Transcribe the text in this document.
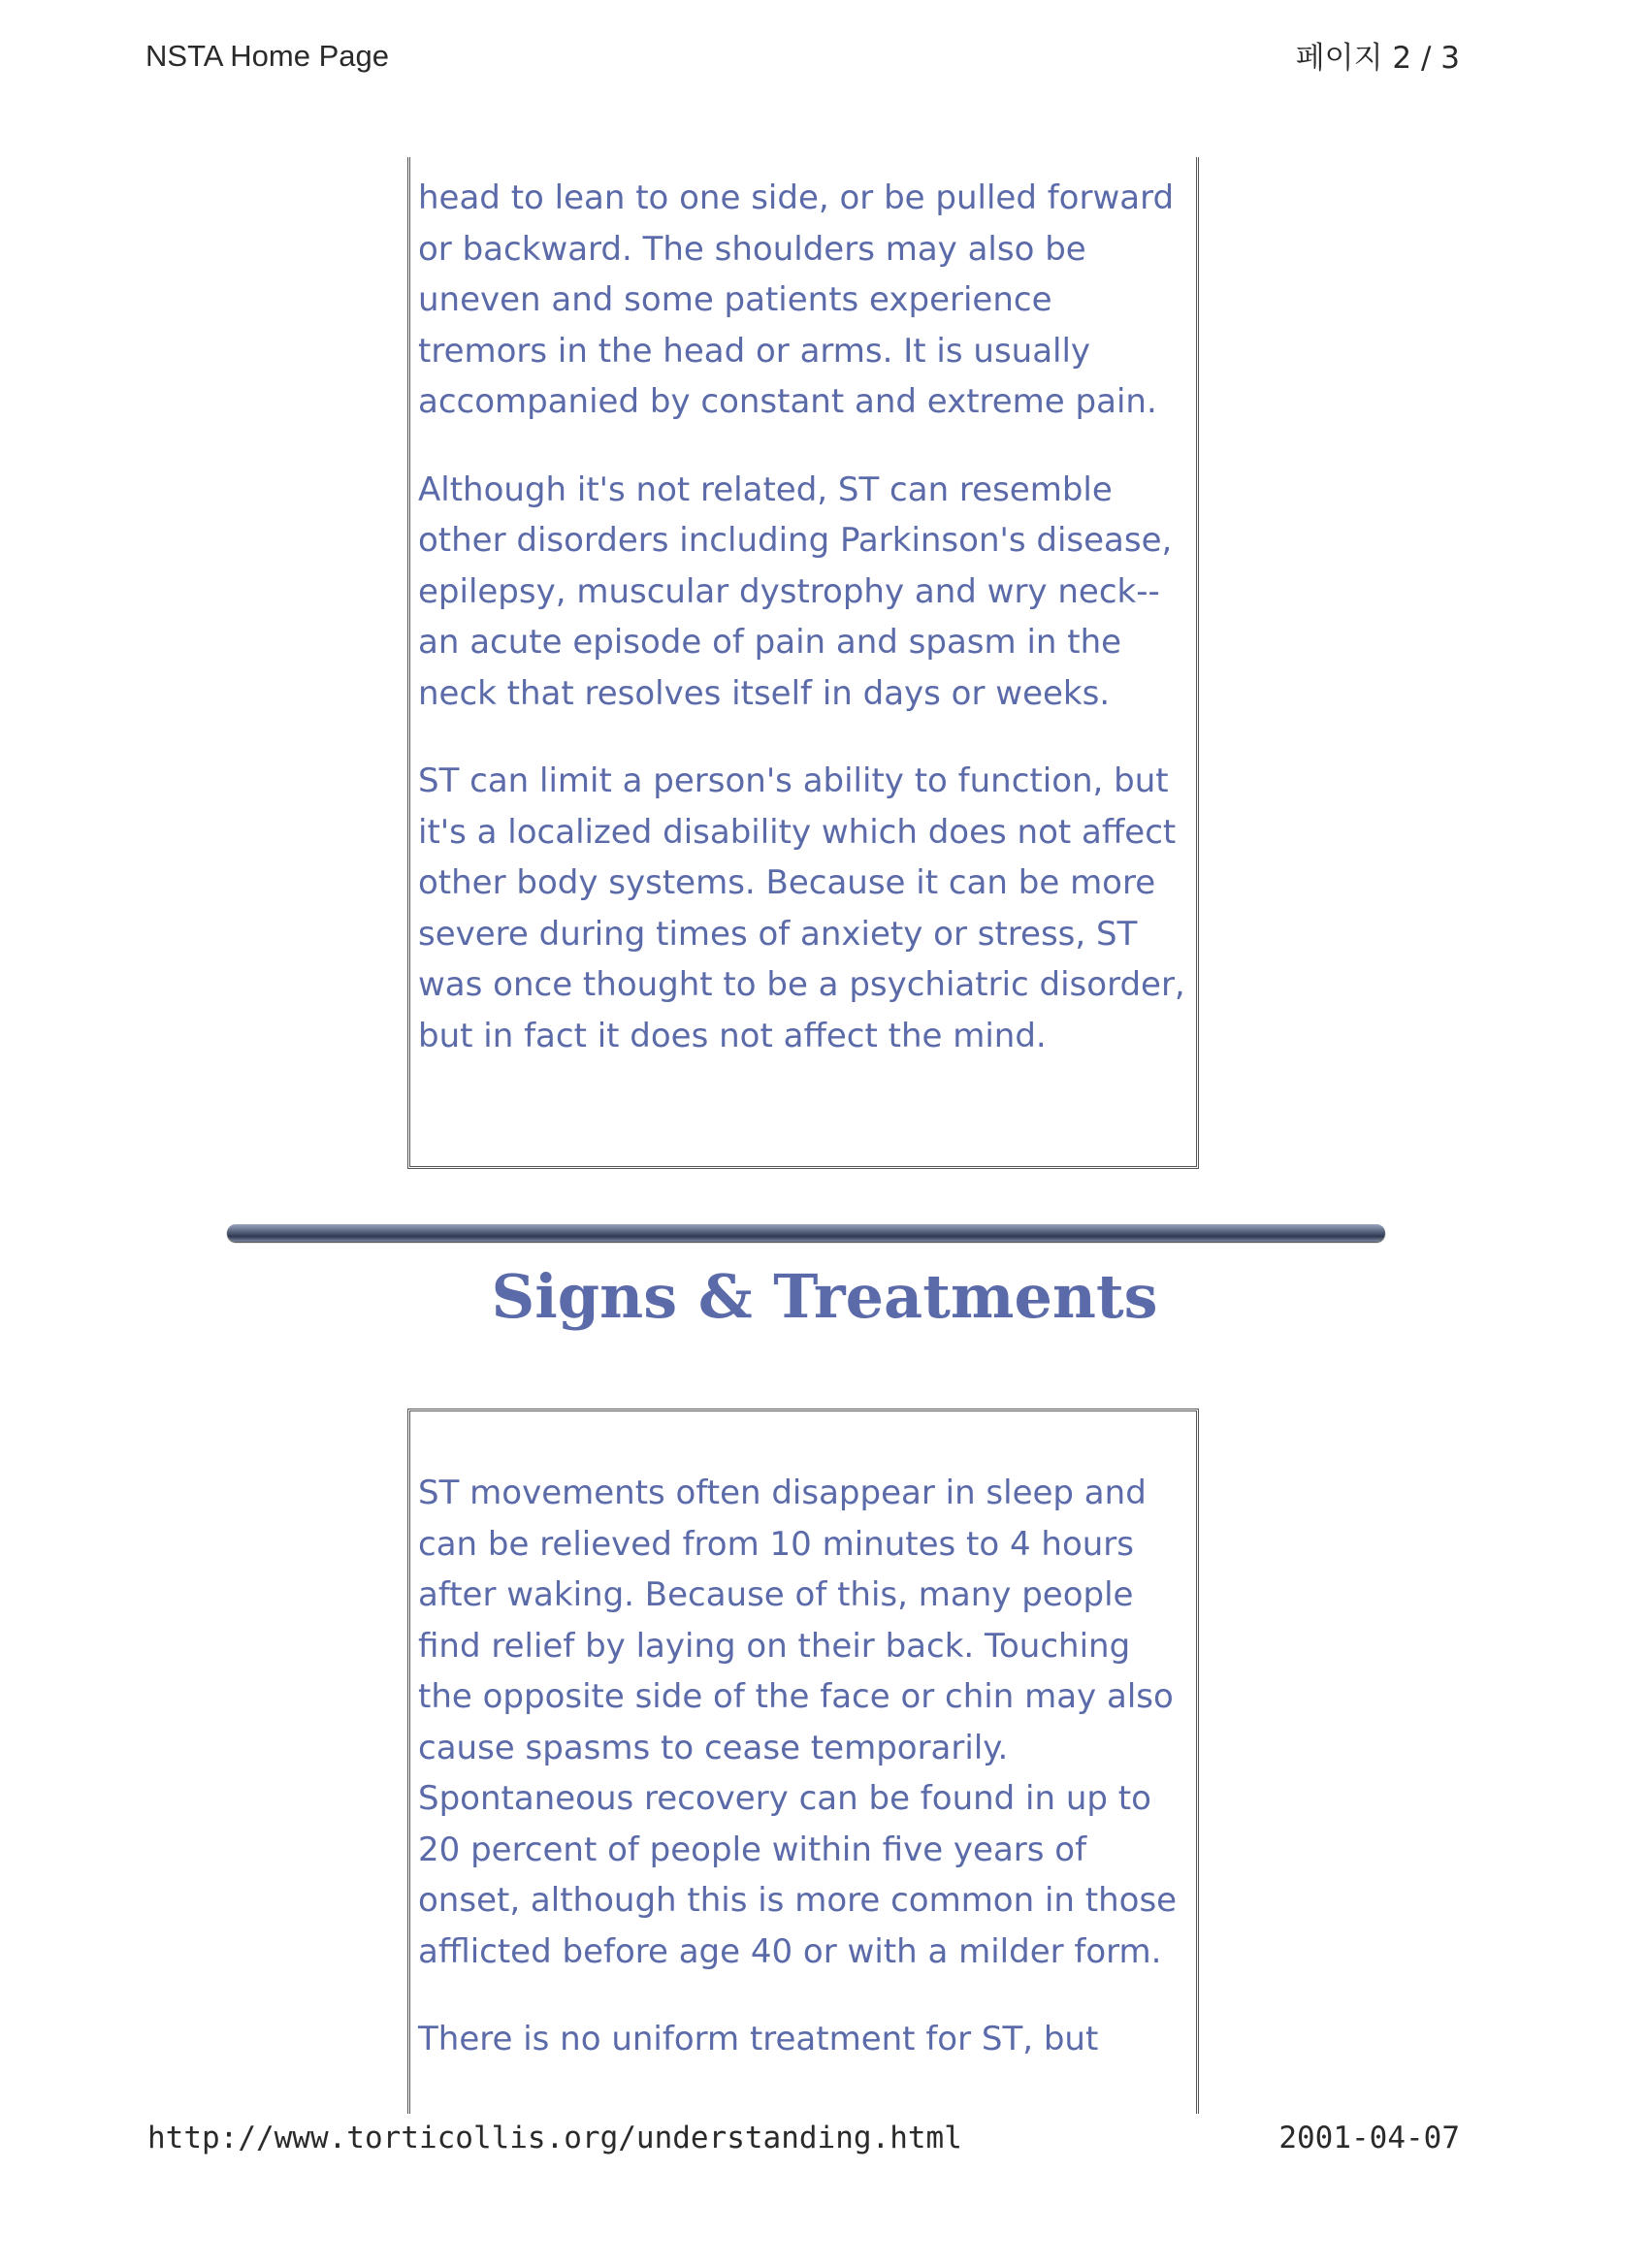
NSTA Home Page	페이지 2 / 3

head to lean to one side, or be pulled forward or backward. The shoulders may also be uneven and some patients experience tremors in the head or arms. It is usually accompanied by constant and extreme pain.

Although it's not related, ST can resemble other disorders including Parkinson's disease, epilepsy, muscular dystrophy and wry neck--an acute episode of pain and spasm in the neck that resolves itself in days or weeks.

ST can limit a person's ability to function, but it's a localized disability which does not affect other body systems. Because it can be more severe during times of anxiety or stress, ST was once thought to be a psychiatric disorder, but in fact it does not affect the mind.

Signs & Treatments

ST movements often disappear in sleep and can be relieved from 10 minutes to 4 hours after waking. Because of this, many people find relief by laying on their back. Touching the opposite side of the face or chin may also cause spasms to cease temporarily. Spontaneous recovery can be found in up to 20 percent of people within five years of onset, although this is more common in those afflicted before age 40 or with a milder form.

There is no uniform treatment for ST, but

http://www.torticollis.org/understanding.html	2001-04-07
